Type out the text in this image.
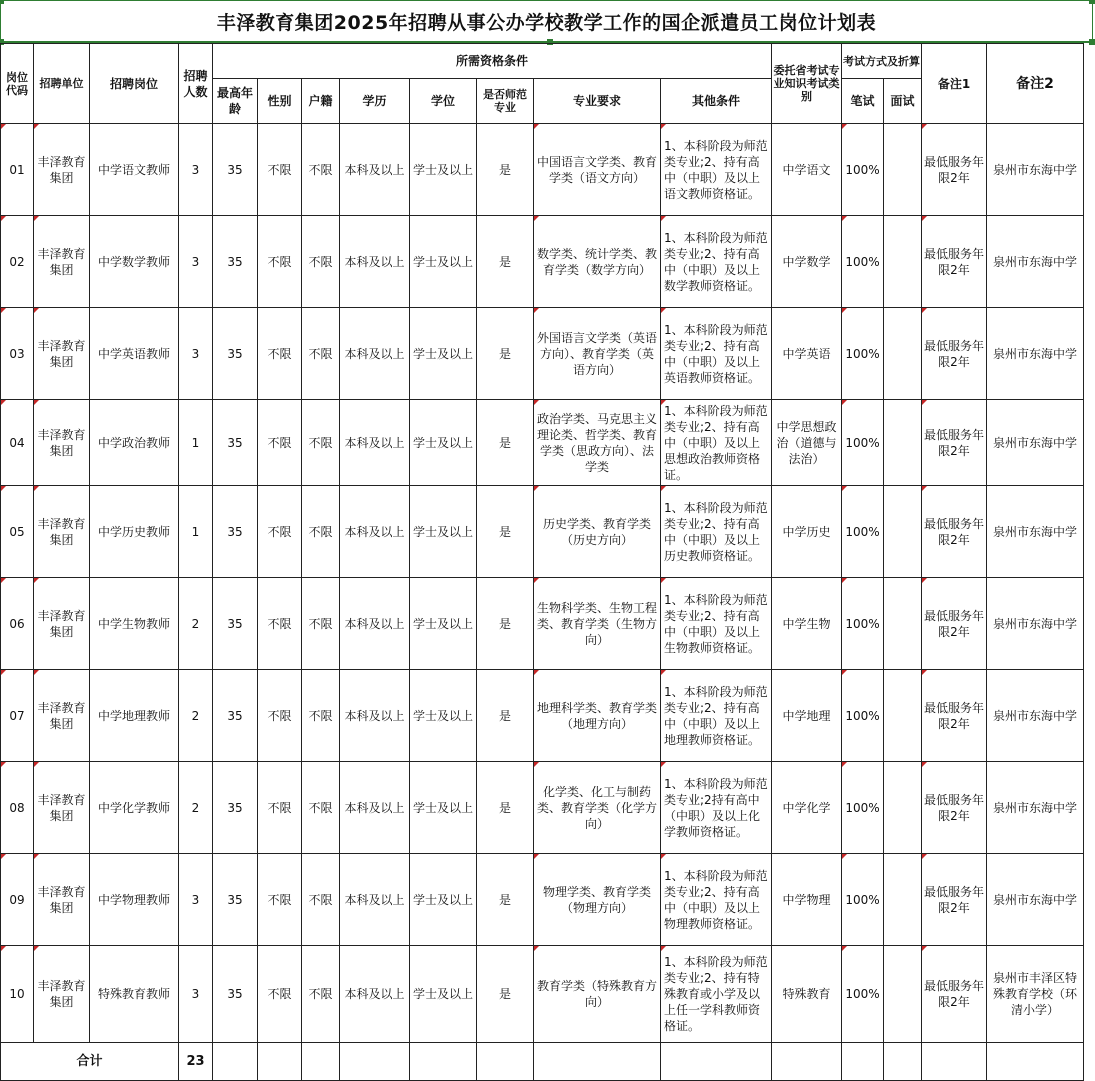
丰泽教育集团2025年招聘从事公办学校教学工作的国企派遣员工岗位计划表
岗位代码	招聘单位	招聘岗位	招聘人数	所需资格条件								委托省考试专业知识考试类别	考试方式及折算		备注1	备注2
				最高年龄	性别	户籍	学历	学位	是否师范专业	专业要求	其他条件		笔试	面试		
01	丰泽教育集团	中学语文教师	3	35	不限	不限	本科及以上	学士及以上	是	中国语言文学类、教育学类（语文方向）	1、本科阶段为师范类专业;2、持有高中（中职）及以上语文教师资格证。	中学语文	100%		最低服务年限2年	泉州市东海中学
02	丰泽教育集团	中学数学教师	3	35	不限	不限	本科及以上	学士及以上	是	数学类、统计学类、教育学类（数学方向）	1、本科阶段为师范类专业;2、持有高中（中职）及以上数学教师资格证。	中学数学	100%		最低服务年限2年	泉州市东海中学
03	丰泽教育集团	中学英语教师	3	35	不限	不限	本科及以上	学士及以上	是	外国语言文学类（英语方向）、教育学类（英语方向）	1、本科阶段为师范类专业;2、持有高中（中职）及以上英语教师资格证。	中学英语	100%		最低服务年限2年	泉州市东海中学
04	丰泽教育集团	中学政治教师	1	35	不限	不限	本科及以上	学士及以上	是	政治学类、马克思主义理论类、哲学类、教育学类（思政方向）、法学类	1、本科阶段为师范类专业;2、持有高中（中职）及以上思想政治教师资格证。	中学思想政治（道德与法治）	100%		最低服务年限2年	泉州市东海中学
05	丰泽教育集团	中学历史教师	1	35	不限	不限	本科及以上	学士及以上	是	历史学类、教育学类（历史方向）	1、本科阶段为师范类专业;2、持有高中（中职）及以上历史教师资格证。	中学历史	100%		最低服务年限2年	泉州市东海中学
06	丰泽教育集团	中学生物教师	2	35	不限	不限	本科及以上	学士及以上	是	生物科学类、生物工程类、教育学类（生物方向）	1、本科阶段为师范类专业;2、持有高中（中职）及以上生物教师资格证。	中学生物	100%		最低服务年限2年	泉州市东海中学
07	丰泽教育集团	中学地理教师	2	35	不限	不限	本科及以上	学士及以上	是	地理科学类、教育学类（地理方向）	1、本科阶段为师范类专业;2、持有高中（中职）及以上地理教师资格证。	中学地理	100%		最低服务年限2年	泉州市东海中学
08	丰泽教育集团	中学化学教师	2	35	不限	不限	本科及以上	学士及以上	是	化学类、化工与制药类、教育学类（化学方向）	1、本科阶段为师范类专业;2持有高中（中职）及以上化学教师资格证。	中学化学	100%		最低服务年限2年	泉州市东海中学
09	丰泽教育集团	中学物理教师	3	35	不限	不限	本科及以上	学士及以上	是	物理学类、教育学类（物理方向）	1、本科阶段为师范类专业;2、持有高中（中职）及以上物理教师资格证。	中学物理	100%		最低服务年限2年	泉州市东海中学
10	丰泽教育集团	特殊教育教师	3	35	不限	不限	本科及以上	学士及以上	是	教育学类（特殊教育方向）	1、本科阶段为师范类专业;2、持有特殊教育或小学及以上任一学科教师资格证。	特殊教育	100%		最低服务年限2年	泉州市丰泽区特殊教育学校（环清小学）
合计			23													
